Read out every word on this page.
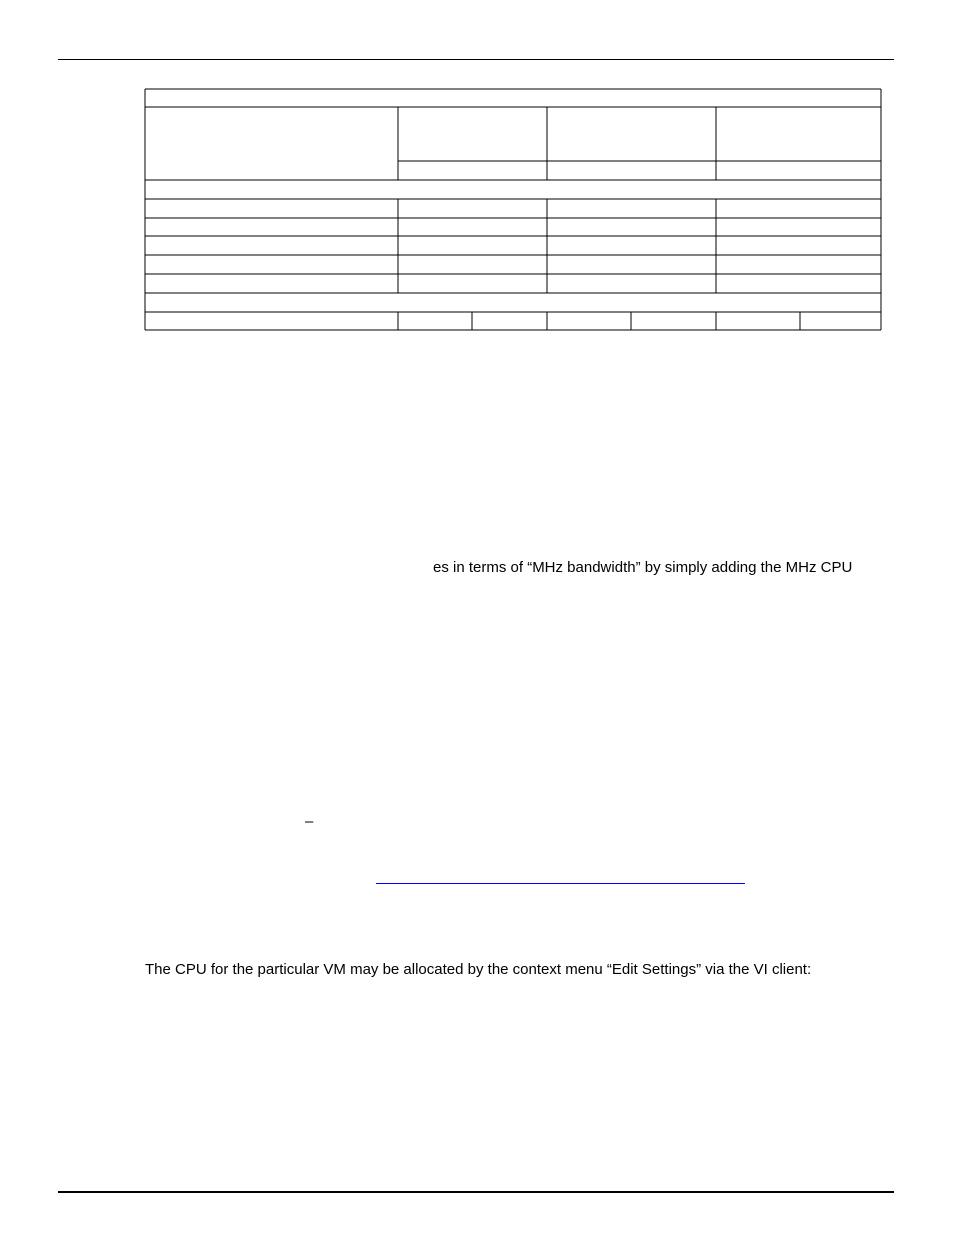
es in terms of “MHz bandwidth” by simply adding the MHz CPU
–
The CPU for the particular VM may be allocated by the context menu “Edit Settings” via the VI client:
